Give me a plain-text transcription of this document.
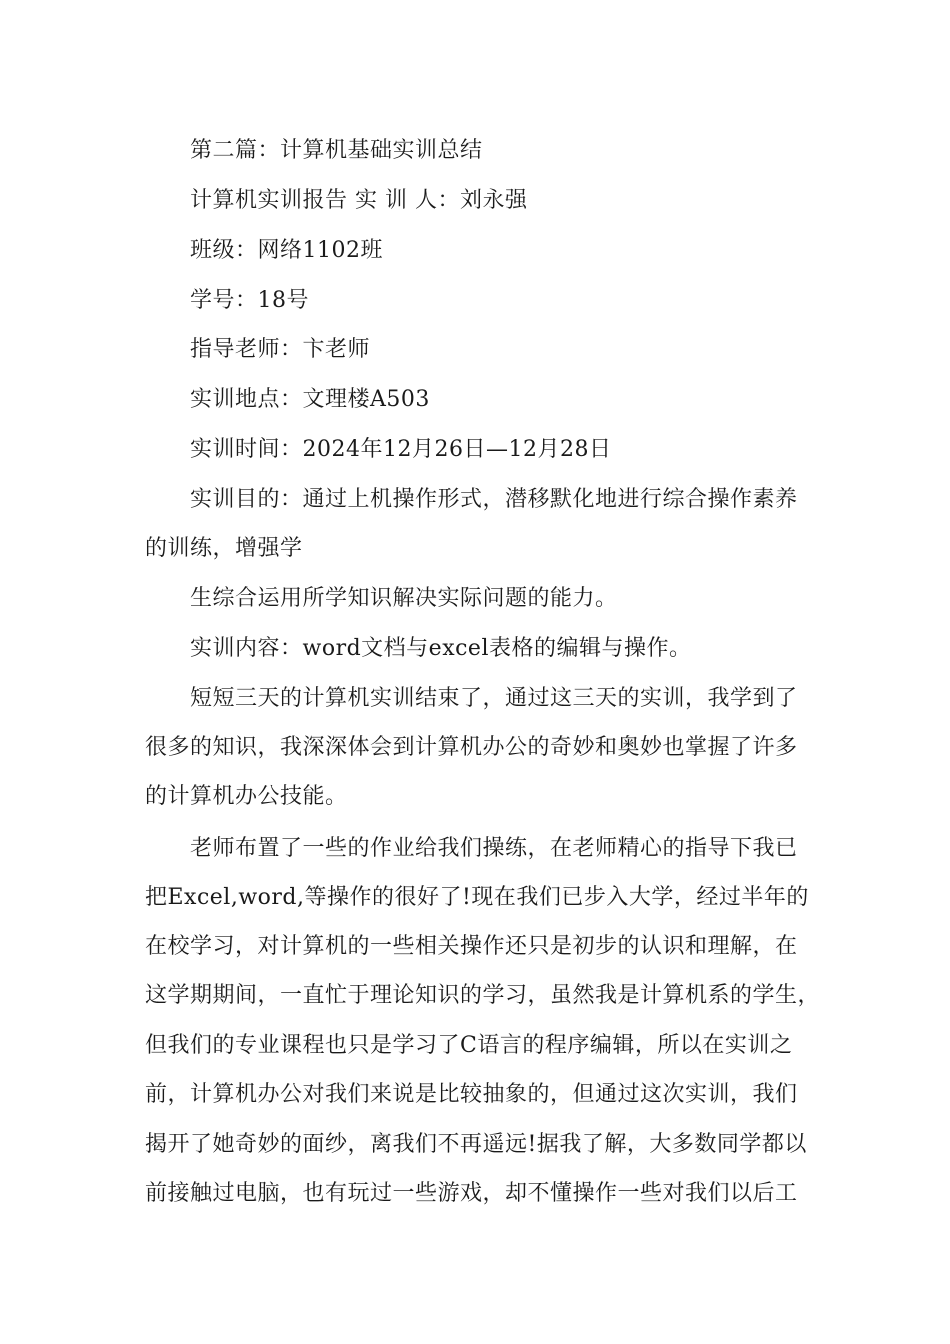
第二篇：计算机基础实训总结
计算机实训报告 实 训 人：刘永强
班级：网络1102班
学号：18号
指导老师：卞老师
实训地点：文理楼A503
实训时间：2024年12月26日—12月28日
实训目的：通过上机操作形式，潜移默化地进行综合操作素养
的训练，增强学
生综合运用所学知识解决实际问题的能力。
实训内容：word文档与excel表格的编辑与操作。
短短三天的计算机实训结束了，通过这三天的实训，我学到了
很多的知识，我深深体会到计算机办公的奇妙和奥妙也掌握了许多
的计算机办公技能。
老师布置了一些的作业给我们操练，在老师精心的指导下我已
把Excel,word,等操作的很好了!现在我们已步入大学，经过半年的
在校学习，对计算机的一些相关操作还只是初步的认识和理解，在
这学期期间，一直忙于理论知识的学习，虽然我是计算机系的学生，
但我们的专业课程也只是学习了C语言的程序编辑，所以在实训之
前，计算机办公对我们来说是比较抽象的，但通过这次实训，我们
揭开了她奇妙的面纱，离我们不再遥远!据我了解，大多数同学都以
前接触过电脑，也有玩过一些游戏，却不懂操作一些对我们以后工
